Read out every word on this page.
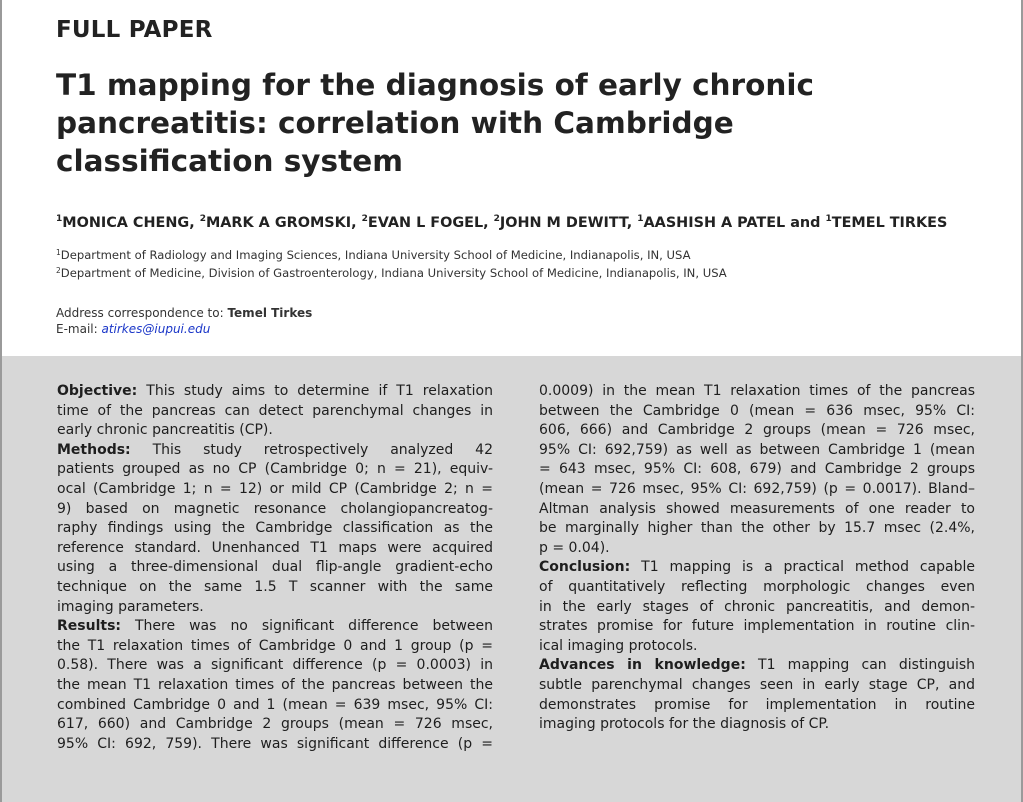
FULL PAPER
T1 mapping for the diagnosis of early chronic
pancreatitis: correlation with Cambridge
classification system
$^1$MONICA CHENG, $^2$MARK A GROMSKI, $^2$EVAN L FOGEL, $^2$JOHN M DEWITT, $^1$AASHISH A PATEL and $^1$TEMEL TIRKES
$^1$Department of Radiology and Imaging Sciences, Indiana University School of Medicine, Indianapolis, IN, USA
$^2$Department of Medicine, Division of Gastroenterology, Indiana University School of Medicine, Indianapolis, IN, USA
Address correspondence to: Temel Tirkes
E-mail: atirkes@iupui.edu
Objective: This study aims to determine if T1 relaxation
time of the pancreas can detect parenchymal changes in
early chronic pancreatitis (CP).
Methods: This study retrospectively analyzed 42
patients grouped as no CP (Cambridge 0; n = 21), equiv-
ocal (Cambridge 1; n = 12) or mild CP (Cambridge 2; n =
9) based on magnetic resonance cholangiopancreatog-
raphy findings using the Cambridge classification as the
reference standard. Unenhanced T1 maps were acquired
using a three-dimensional dual flip-angle gradient-echo
technique on the same 1.5 T scanner with the same
imaging parameters.
Results: There was no significant difference between
the T1 relaxation times of Cambridge 0 and 1 group (p =
0.58). There was a significant difference (p = 0.0003) in
the mean T1 relaxation times of the pancreas between the
combined Cambridge 0 and 1 (mean = 639 msec, 95% CI:
617, 660) and Cambridge 2 groups (mean = 726 msec,
95% CI: 692, 759). There was significant difference (p =
0.0009) in the mean T1 relaxation times of the pancreas
between the Cambridge 0 (mean = 636 msec, 95% CI:
606, 666) and Cambridge 2 groups (mean = 726 msec,
95% CI: 692,759) as well as between Cambridge 1 (mean
= 643 msec, 95% CI: 608, 679) and Cambridge 2 groups
(mean = 726 msec, 95% CI: 692,759) (p = 0.0017). Bland–
Altman analysis showed measurements of one reader to
be marginally higher than the other by 15.7 msec (2.4%,
p = 0.04).
Conclusion: T1 mapping is a practical method capable
of quantitatively reflecting morphologic changes even
in the early stages of chronic pancreatitis, and demon-
strates promise for future implementation in routine clin-
ical imaging protocols.
Advances in knowledge: T1 mapping can distinguish
subtle parenchymal changes seen in early stage CP, and
demonstrates promise for implementation in routine
imaging protocols for the diagnosis of CP.
